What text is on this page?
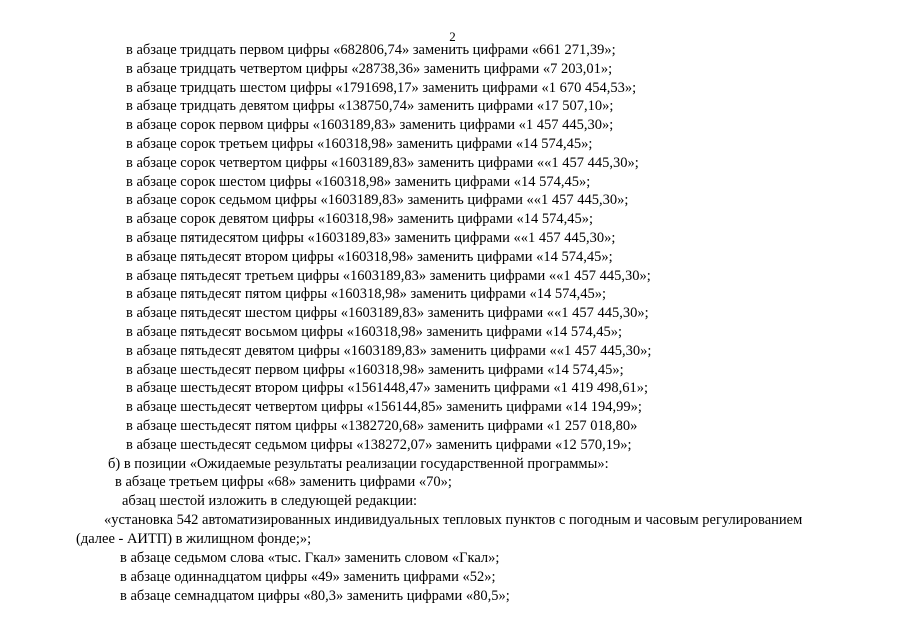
2
в абзаце тридцать первом цифры «682806,74» заменить цифрами «661 271,39»;
в абзаце тридцать четвертом цифры «28738,36» заменить цифрами «7 203,01»;
в абзаце тридцать шестом цифры «1791698,17» заменить цифрами «1 670 454,53»;
в абзаце тридцать девятом цифры «138750,74» заменить цифрами «17 507,10»;
в абзаце сорок первом цифры «1603189,83» заменить цифрами «1 457 445,30»;
в абзаце сорок третьем цифры «160318,98» заменить цифрами «14 574,45»;
в абзаце сорок четвертом цифры «1603189,83» заменить цифрами ««1 457 445,30»;
в абзаце сорок шестом цифры «160318,98» заменить цифрами «14 574,45»;
в абзаце сорок седьмом цифры «1603189,83» заменить цифрами ««1 457 445,30»;
в абзаце сорок девятом цифры «160318,98» заменить цифрами «14 574,45»;
в абзаце пятидесятом цифры «1603189,83» заменить цифрами ««1 457 445,30»;
в абзаце пятьдесят втором цифры «160318,98» заменить цифрами «14 574,45»;
в абзаце пятьдесят третьем цифры «1603189,83» заменить цифрами ««1 457 445,30»;
в абзаце пятьдесят пятом цифры «160318,98» заменить цифрами «14 574,45»;
в абзаце пятьдесят шестом цифры «1603189,83» заменить цифрами ««1 457 445,30»;
в абзаце пятьдесят восьмом цифры «160318,98» заменить цифрами «14 574,45»;
в абзаце пятьдесят девятом цифры «1603189,83» заменить цифрами ««1 457 445,30»;
в абзаце шестьдесят первом цифры «160318,98» заменить цифрами «14 574,45»;
в абзаце шестьдесят втором цифры «1561448,47» заменить цифрами «1 419 498,61»;
в абзаце шестьдесят четвертом цифры «156144,85» заменить цифрами «14 194,99»;
в абзаце шестьдесят пятом цифры «1382720,68» заменить цифрами «1 257 018,80»
в абзаце шестьдесят седьмом цифры «138272,07» заменить цифрами «12 570,19»;
б) в позиции «Ожидаемые результаты реализации государственной программы»:
в абзаце третьем цифры «68» заменить цифрами «70»;
абзац шестой изложить в следующей редакции:
«установка 542 автоматизированных индивидуальных тепловых пунктов с погодным и часовым регулированием
(далее - АИТП) в жилищном фонде;»;
в абзаце седьмом слова «тыс. Гкал» заменить словом «Гкал»;
в абзаце одиннадцатом цифры «49» заменить цифрами «52»;
в абзаце семнадцатом цифры «80,3» заменить цифрами «80,5»;
